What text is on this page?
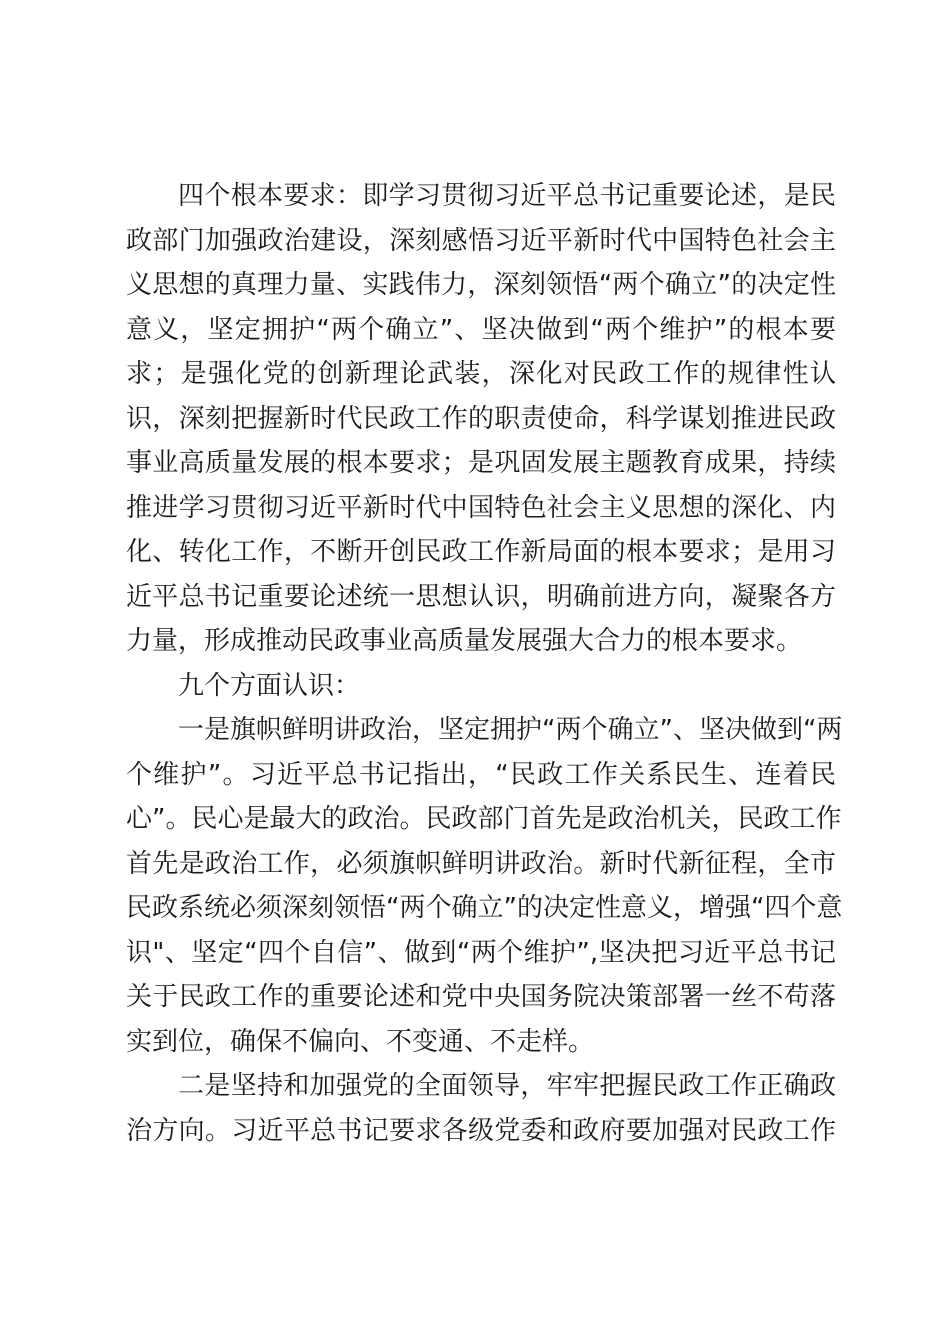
四个根本要求：即学习贯彻习近平总书记重要论述，是民
政部门加强政治建设，深刻感悟习近平新时代中国特色社会主
义思想的真理力量、实践伟力，深刻领悟“两个确立”的决定性
意义，坚定拥护“两个确立”、坚决做到“两个维护”的根本要
求；是强化党的创新理论武装，深化对民政工作的规律性认
识，深刻把握新时代民政工作的职责使命，科学谋划推进民政
事业高质量发展的根本要求；是巩固发展主题教育成果，持续
推进学习贯彻习近平新时代中国特色社会主义思想的深化、内
化、转化工作，不断开创民政工作新局面的根本要求；是用习
近平总书记重要论述统一思想认识，明确前进方向，凝聚各方
力量，形成推动民政事业高质量发展强大合力的根本要求。
九个方面认识：
一是旗帜鲜明讲政治，坚定拥护“两个确立”、坚决做到“两
个维护”。习近平总书记指出，“民政工作关系民生、连着民
心”。民心是最大的政治。民政部门首先是政治机关，民政工作
首先是政治工作，必须旗帜鲜明讲政治。新时代新征程，全市
民政系统必须深刻领悟“两个确立”的决定性意义，增强“四个意
识"、坚定“四个自信”、做到“两个维护”,坚决把习近平总书记
关于民政工作的重要论述和党中央国务院决策部署一丝不苟落
实到位，确保不偏向、不变通、不走样。
二是坚持和加强党的全面领导，牢牢把握民政工作正确政
治方向。习近平总书记要求各级党委和政府要加强对民政工作
